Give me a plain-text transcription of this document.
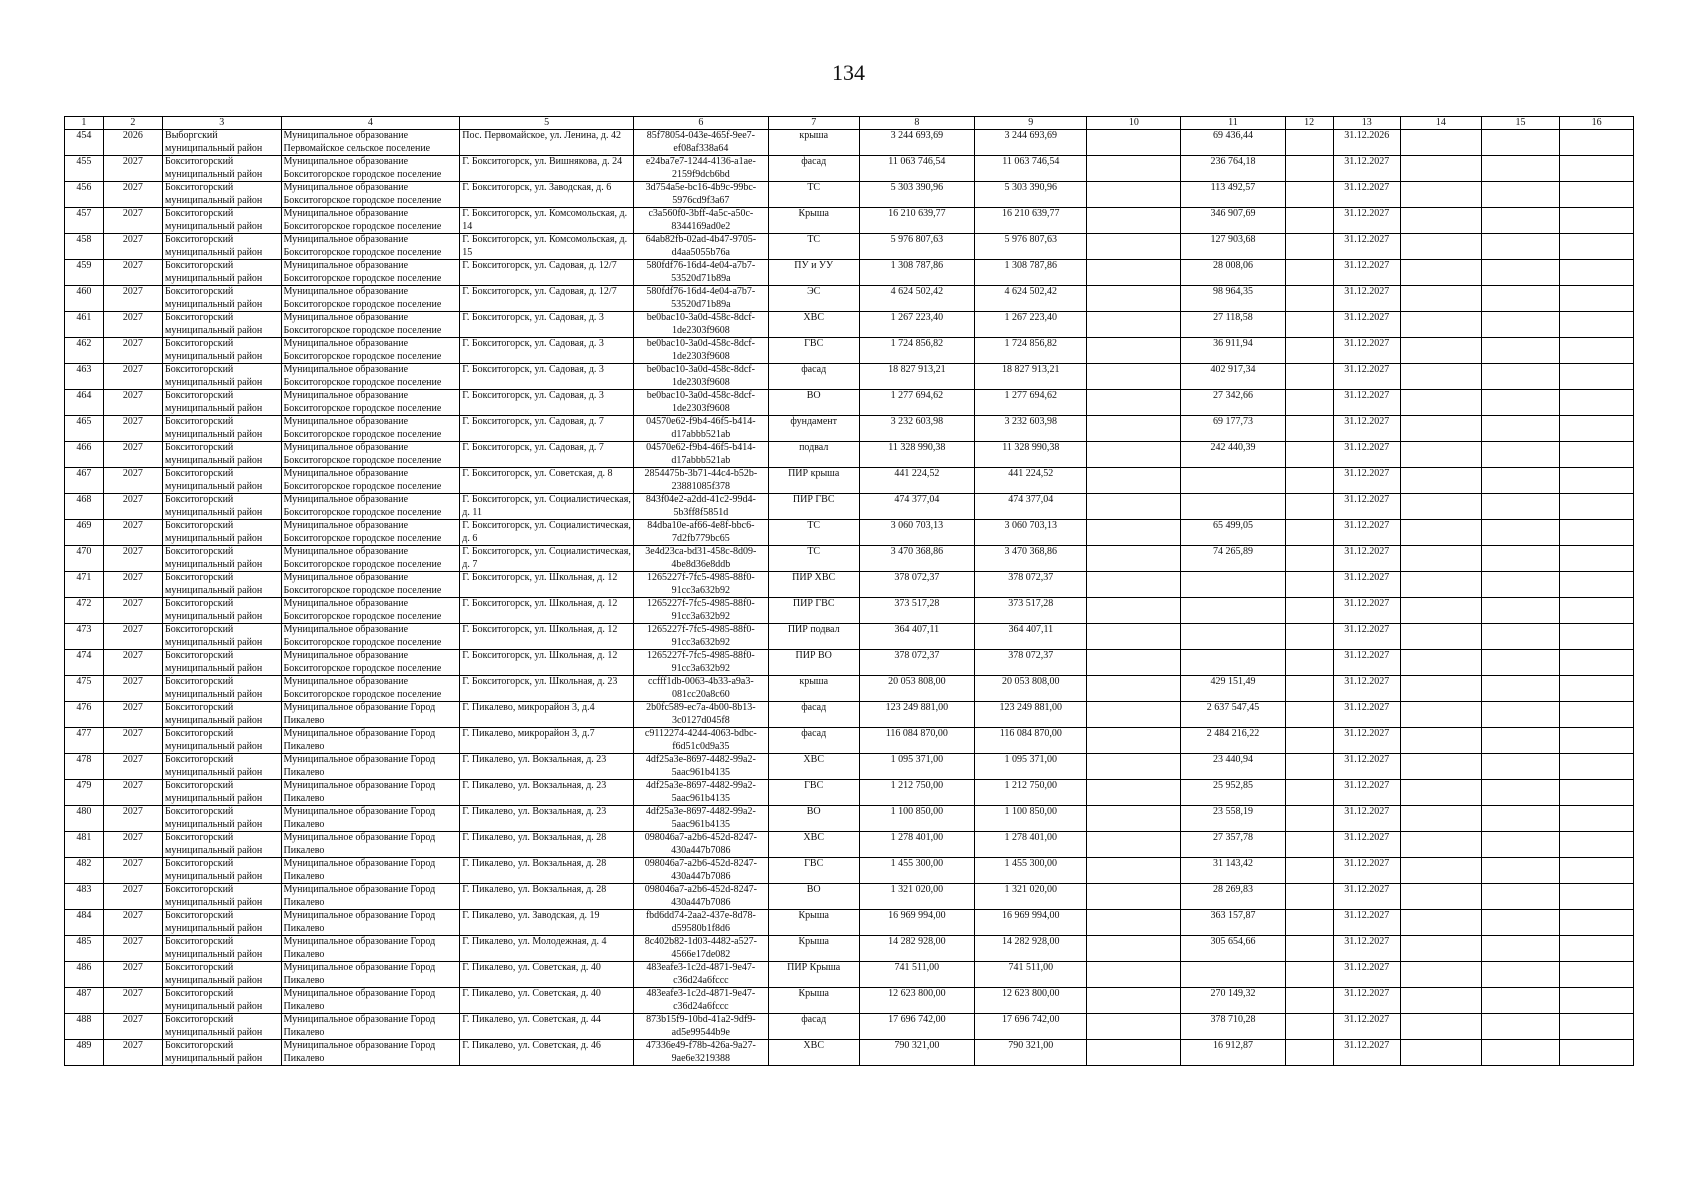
134
1	2	3	4	5	6	7	8	9	10	11	12	13	14	15	16
454	2026	Выборгский муниципальный район	Муниципальное образование Первомайское сельское поселение	Пос. Первомайское, ул. Ленина, д. 42	85f78054-043e-465f-9ee7-ef08af338a64	крыша	3 244 693,69	3 244 693,69		69 436,44		31.12.2026			
455	2027	Бокситогорский муниципальный район	Муниципальное образование Бокситогорское городское поселение	Г. Бокситогорск, ул. Вишнякова, д. 24	e24ba7e7-1244-4136-a1ae-2159f9dcb6bd	фасад	11 063 746,54	11 063 746,54		236 764,18		31.12.2027			
456	2027	Бокситогорский муниципальный район	Муниципальное образование Бокситогорское городское поселение	Г. Бокситогорск, ул. Заводская, д. 6	3d754a5e-bc16-4b9c-99bc-5976cd9f3a67	ТС	5 303 390,96	5 303 390,96		113 492,57		31.12.2027			
457	2027	Бокситогорский муниципальный район	Муниципальное образование Бокситогорское городское поселение	Г. Бокситогорск, ул. Комсомольская, д. 14	c3a560f0-3bff-4a5c-a50c-8344169ad0e2	Крыша	16 210 639,77	16 210 639,77		346 907,69		31.12.2027			
458	2027	Бокситогорский муниципальный район	Муниципальное образование Бокситогорское городское поселение	Г. Бокситогорск, ул. Комсомольская, д. 15	64ab82fb-02ad-4b47-9705-d4aa5055b76a	ТС	5 976 807,63	5 976 807,63		127 903,68		31.12.2027			
459	2027	Бокситогорский муниципальный район	Муниципальное образование Бокситогорское городское поселение	Г. Бокситогорск, ул. Садовая, д. 12/7	580fdf76-16d4-4e04-a7b7-53520d71b89a	ПУ и УУ	1 308 787,86	1 308 787,86		28 008,06		31.12.2027			
460	2027	Бокситогорский муниципальный район	Муниципальное образование Бокситогорское городское поселение	Г. Бокситогорск, ул. Садовая, д. 12/7	580fdf76-16d4-4e04-a7b7-53520d71b89a	ЭС	4 624 502,42	4 624 502,42		98 964,35		31.12.2027			
461	2027	Бокситогорский муниципальный район	Муниципальное образование Бокситогорское городское поселение	Г. Бокситогорск, ул. Садовая, д. 3	be0bac10-3a0d-458c-8dcf-1de2303f9608	ХВС	1 267 223,40	1 267 223,40		27 118,58		31.12.2027			
462	2027	Бокситогорский муниципальный район	Муниципальное образование Бокситогорское городское поселение	Г. Бокситогорск, ул. Садовая, д. 3	be0bac10-3a0d-458c-8dcf-1de2303f9608	ГВС	1 724 856,82	1 724 856,82		36 911,94		31.12.2027			
463	2027	Бокситогорский муниципальный район	Муниципальное образование Бокситогорское городское поселение	Г. Бокситогорск, ул. Садовая, д. 3	be0bac10-3a0d-458c-8dcf-1de2303f9608	фасад	18 827 913,21	18 827 913,21		402 917,34		31.12.2027			
464	2027	Бокситогорский муниципальный район	Муниципальное образование Бокситогорское городское поселение	Г. Бокситогорск, ул. Садовая, д. 3	be0bac10-3a0d-458c-8dcf-1de2303f9608	ВО	1 277 694,62	1 277 694,62		27 342,66		31.12.2027			
465	2027	Бокситогорский муниципальный район	Муниципальное образование Бокситогорское городское поселение	Г. Бокситогорск, ул. Садовая, д. 7	04570e62-f9b4-46f5-b414-d17abbb521ab	фундамент	3 232 603,98	3 232 603,98		69 177,73		31.12.2027			
466	2027	Бокситогорский муниципальный район	Муниципальное образование Бокситогорское городское поселение	Г. Бокситогорск, ул. Садовая, д. 7	04570e62-f9b4-46f5-b414-d17abbb521ab	подвал	11 328 990,38	11 328 990,38		242 440,39		31.12.2027			
467	2027	Бокситогорский муниципальный район	Муниципальное образование Бокситогорское городское поселение	Г. Бокситогорск, ул. Советская, д. 8	2854475b-3b71-44c4-b52b-23881085f378	ПИР крыша	441 224,52	441 224,52				31.12.2027			
468	2027	Бокситогорский муниципальный район	Муниципальное образование Бокситогорское городское поселение	Г. Бокситогорск, ул. Социалистическая, д. 11	843f04e2-a2dd-41c2-99d4-5b3ff8f5851d	ПИР ГВС	474 377,04	474 377,04				31.12.2027			
469	2027	Бокситогорский муниципальный район	Муниципальное образование Бокситогорское городское поселение	Г. Бокситогорск, ул. Социалистическая, д. 6	84dba10e-af66-4e8f-bbc6-7d2fb779bc65	ТС	3 060 703,13	3 060 703,13		65 499,05		31.12.2027			
470	2027	Бокситогорский муниципальный район	Муниципальное образование Бокситогорское городское поселение	Г. Бокситогорск, ул. Социалистическая, д. 7	3e4d23ca-bd31-458c-8d09-4be8d36e8ddb	ТС	3 470 368,86	3 470 368,86		74 265,89		31.12.2027			
471	2027	Бокситогорский муниципальный район	Муниципальное образование Бокситогорское городское поселение	Г. Бокситогорск, ул. Школьная, д. 12	1265227f-7fc5-4985-88f0-91cc3a632b92	ПИР ХВС	378 072,37	378 072,37				31.12.2027			
472	2027	Бокситогорский муниципальный район	Муниципальное образование Бокситогорское городское поселение	Г. Бокситогорск, ул. Школьная, д. 12	1265227f-7fc5-4985-88f0-91cc3a632b92	ПИР ГВС	373 517,28	373 517,28				31.12.2027			
473	2027	Бокситогорский муниципальный район	Муниципальное образование Бокситогорское городское поселение	Г. Бокситогорск, ул. Школьная, д. 12	1265227f-7fc5-4985-88f0-91cc3a632b92	ПИР подвал	364 407,11	364 407,11				31.12.2027			
474	2027	Бокситогорский муниципальный район	Муниципальное образование Бокситогорское городское поселение	Г. Бокситогорск, ул. Школьная, д. 12	1265227f-7fc5-4985-88f0-91cc3a632b92	ПИР ВО	378 072,37	378 072,37				31.12.2027			
475	2027	Бокситогорский муниципальный район	Муниципальное образование Бокситогорское городское поселение	Г. Бокситогорск, ул. Школьная, д. 23	ccfff1db-0063-4b33-a9a3-081cc20a8c60	крыша	20 053 808,00	20 053 808,00		429 151,49		31.12.2027			
476	2027	Бокситогорский муниципальный район	Муниципальное образование Город Пикалево	Г. Пикалево, микрорайон 3, д.4	2b0fc589-ec7a-4b00-8b13-3c0127d045f8	фасад	123 249 881,00	123 249 881,00		2 637 547,45		31.12.2027			
477	2027	Бокситогорский муниципальный район	Муниципальное образование Город Пикалево	Г. Пикалево, микрорайон 3, д.7	c9112274-4244-4063-bdbc-f6d51c0d9a35	фасад	116 084 870,00	116 084 870,00		2 484 216,22		31.12.2027			
478	2027	Бокситогорский муниципальный район	Муниципальное образование Город Пикалево	Г. Пикалево, ул. Вокзальная, д. 23	4df25a3e-8697-4482-99a2-5aac961b4135	ХВС	1 095 371,00	1 095 371,00		23 440,94		31.12.2027			
479	2027	Бокситогорский муниципальный район	Муниципальное образование Город Пикалево	Г. Пикалево, ул. Вокзальная, д. 23	4df25a3e-8697-4482-99a2-5aac961b4135	ГВС	1 212 750,00	1 212 750,00		25 952,85		31.12.2027			
480	2027	Бокситогорский муниципальный район	Муниципальное образование Город Пикалево	Г. Пикалево, ул. Вокзальная, д. 23	4df25a3e-8697-4482-99a2-5aac961b4135	ВО	1 100 850,00	1 100 850,00		23 558,19		31.12.2027			
481	2027	Бокситогорский муниципальный район	Муниципальное образование Город Пикалево	Г. Пикалево, ул. Вокзальная, д. 28	098046a7-a2b6-452d-8247-430a447b7086	ХВС	1 278 401,00	1 278 401,00		27 357,78		31.12.2027			
482	2027	Бокситогорский муниципальный район	Муниципальное образование Город Пикалево	Г. Пикалево, ул. Вокзальная, д. 28	098046a7-a2b6-452d-8247-430a447b7086	ГВС	1 455 300,00	1 455 300,00		31 143,42		31.12.2027			
483	2027	Бокситогорский муниципальный район	Муниципальное образование Город Пикалево	Г. Пикалево, ул. Вокзальная, д. 28	098046a7-a2b6-452d-8247-430a447b7086	ВО	1 321 020,00	1 321 020,00		28 269,83		31.12.2027			
484	2027	Бокситогорский муниципальный район	Муниципальное образование Город Пикалево	Г. Пикалево, ул. Заводская, д. 19	fbd6dd74-2aa2-437e-8d78-d59580b1f8d6	Крыша	16 969 994,00	16 969 994,00		363 157,87		31.12.2027			
485	2027	Бокситогорский муниципальный район	Муниципальное образование Город Пикалево	Г. Пикалево, ул. Молодежная, д. 4	8c402b82-1d03-4482-a527-4566e17de082	Крыша	14 282 928,00	14 282 928,00		305 654,66		31.12.2027			
486	2027	Бокситогорский муниципальный район	Муниципальное образование Город Пикалево	Г. Пикалево, ул. Советская, д. 40	483eafe3-1c2d-4871-9e47-c36d24a6fccc	ПИР Крыша	741 511,00	741 511,00				31.12.2027			
487	2027	Бокситогорский муниципальный район	Муниципальное образование Город Пикалево	Г. Пикалево, ул. Советская, д. 40	483eafe3-1c2d-4871-9e47-c36d24a6fccc	Крыша	12 623 800,00	12 623 800,00		270 149,32		31.12.2027			
488	2027	Бокситогорский муниципальный район	Муниципальное образование Город Пикалево	Г. Пикалево, ул. Советская, д. 44	873b15f9-10bd-41a2-9df9-ad5e99544b9e	фасад	17 696 742,00	17 696 742,00		378 710,28		31.12.2027			
489	2027	Бокситогорский муниципальный район	Муниципальное образование Город Пикалево	Г. Пикалево, ул. Советская, д. 46	47336e49-f78b-426a-9a27-9ae6e3219388	ХВС	790 321,00	790 321,00		16 912,87		31.12.2027			
